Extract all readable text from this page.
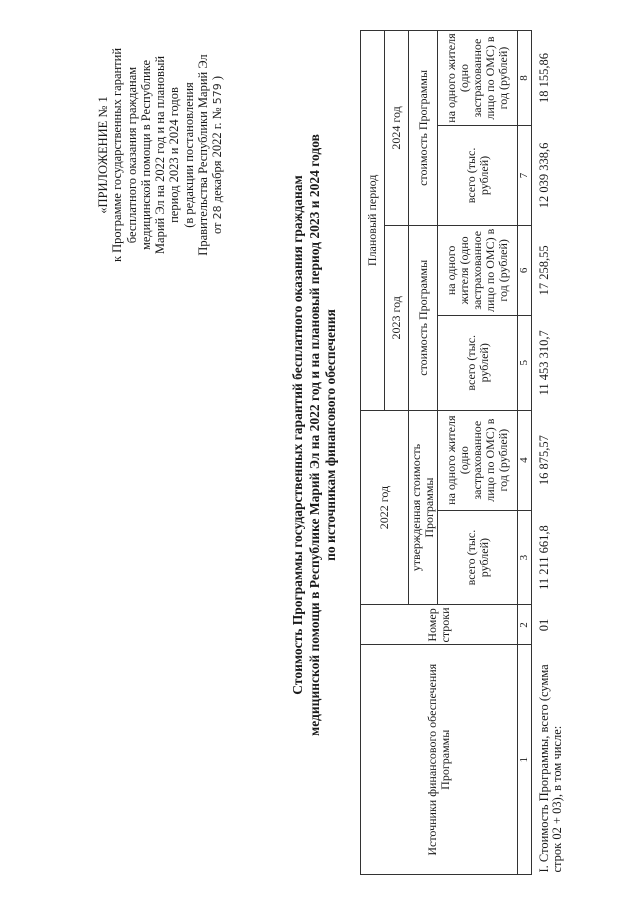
«ПРИЛОЖЕНИЕ № 1 к Программе государственных гарантий бесплатного оказания гражданам медицинской помощи в Республике Марий Эл на 2022 год и на плановый период 2023 и 2024 годов (в редакции постановления Правительства Республики Марий Эл от 28 декабря 2022 г. № 579 )
Стоимость Программы государственных гарантий бесплатного оказания гражданам медицинской помощи в Республике Марий Эл на 2022 год и на плановый период 2023 и 2024 годов по источникам финансового обеспечения
Источники финансового обеспечения Программы	Номер строки	2022 год		Плановый период			
				2023 год		2024 год	
		утвержденная стоимость Программы		стоимость Программы		стоимость Программы	
		всего (тыс. рублей)	на одного жителя (одно застрахованное лицо по ОМС) в год (рублей)	всего (тыс. рублей)	на одного жителя (одно застрахованное лицо по ОМС) в год (рублей)	всего (тыс. рублей)	на одного жителя (одно застрахованное лицо по ОМС) в год (рублей)
1	2	3	4	5	6	7	8
I. Стоимость Программы, всего (сумма строк 02 + 03), в том числе:	01	11 211 661,8	16 875,57	11 453 310,7	17 258,55	12 039 338,6	18 155,86
